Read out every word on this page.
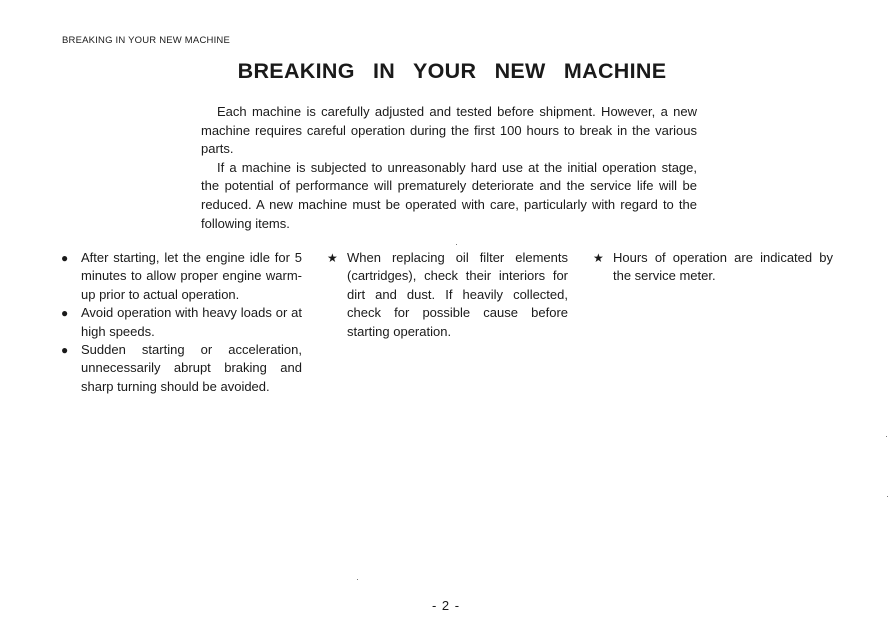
BREAKING IN YOUR NEW MACHINE
BREAKING IN YOUR NEW MACHINE

Each machine is carefully adjusted and tested before shipment. However, a new machine requires careful operation during the first 100 hours to break in the various parts.

If a machine is subjected to unreasonably hard use at the initial operation stage, the potential of performance will prematurely deteriorate and the service life will be reduced. A new machine must be operated with care, particularly with regard to the following items.

● After starting, let the engine idle for 5 minutes to allow proper engine warm-up prior to actual operation.
● Avoid operation with heavy loads or at high speeds.
● Sudden starting or acceleration, unnecessarily abrupt braking and sharp turning should be avoided.
★ When replacing oil filter elements (cartridges), check their interiors for dirt and dust. If heavily collected, check for possible cause before starting operation.
★ Hours of operation are indicated by the service meter.
- 2 -
